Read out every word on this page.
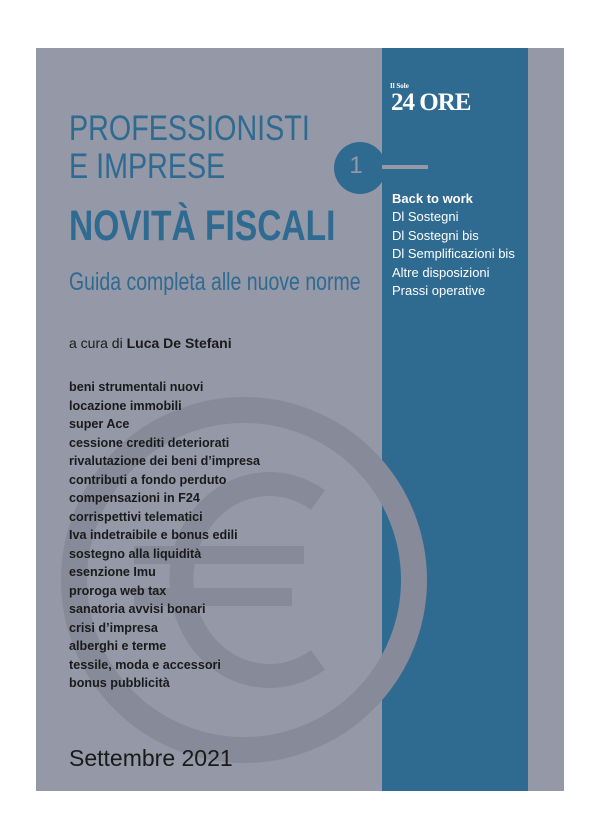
Il Sole
24 ORE
1
PROFESSIONISTI
E IMPRESE
NOVITÀ FISCALI
Guida completa alle nuove norme
a cura di Luca De Stefani
beni strumentali nuovi
locazione immobili
super Ace
cessione crediti deteriorati
rivalutazione dei beni d’impresa
contributi a fondo perduto
compensazioni in F24
corrispettivi telematici
Iva indetraibile e bonus edili
sostegno alla liquidità
esenzione Imu
proroga web tax
sanatoria avvisi bonari
crisi d’impresa
alberghi e terme
tessile, moda e accessori
bonus pubblicità
Back to work
Dl Sostegni
Dl Sostegni bis
Dl Semplificazioni bis
Altre disposizioni
Prassi operative
Settembre 2021
